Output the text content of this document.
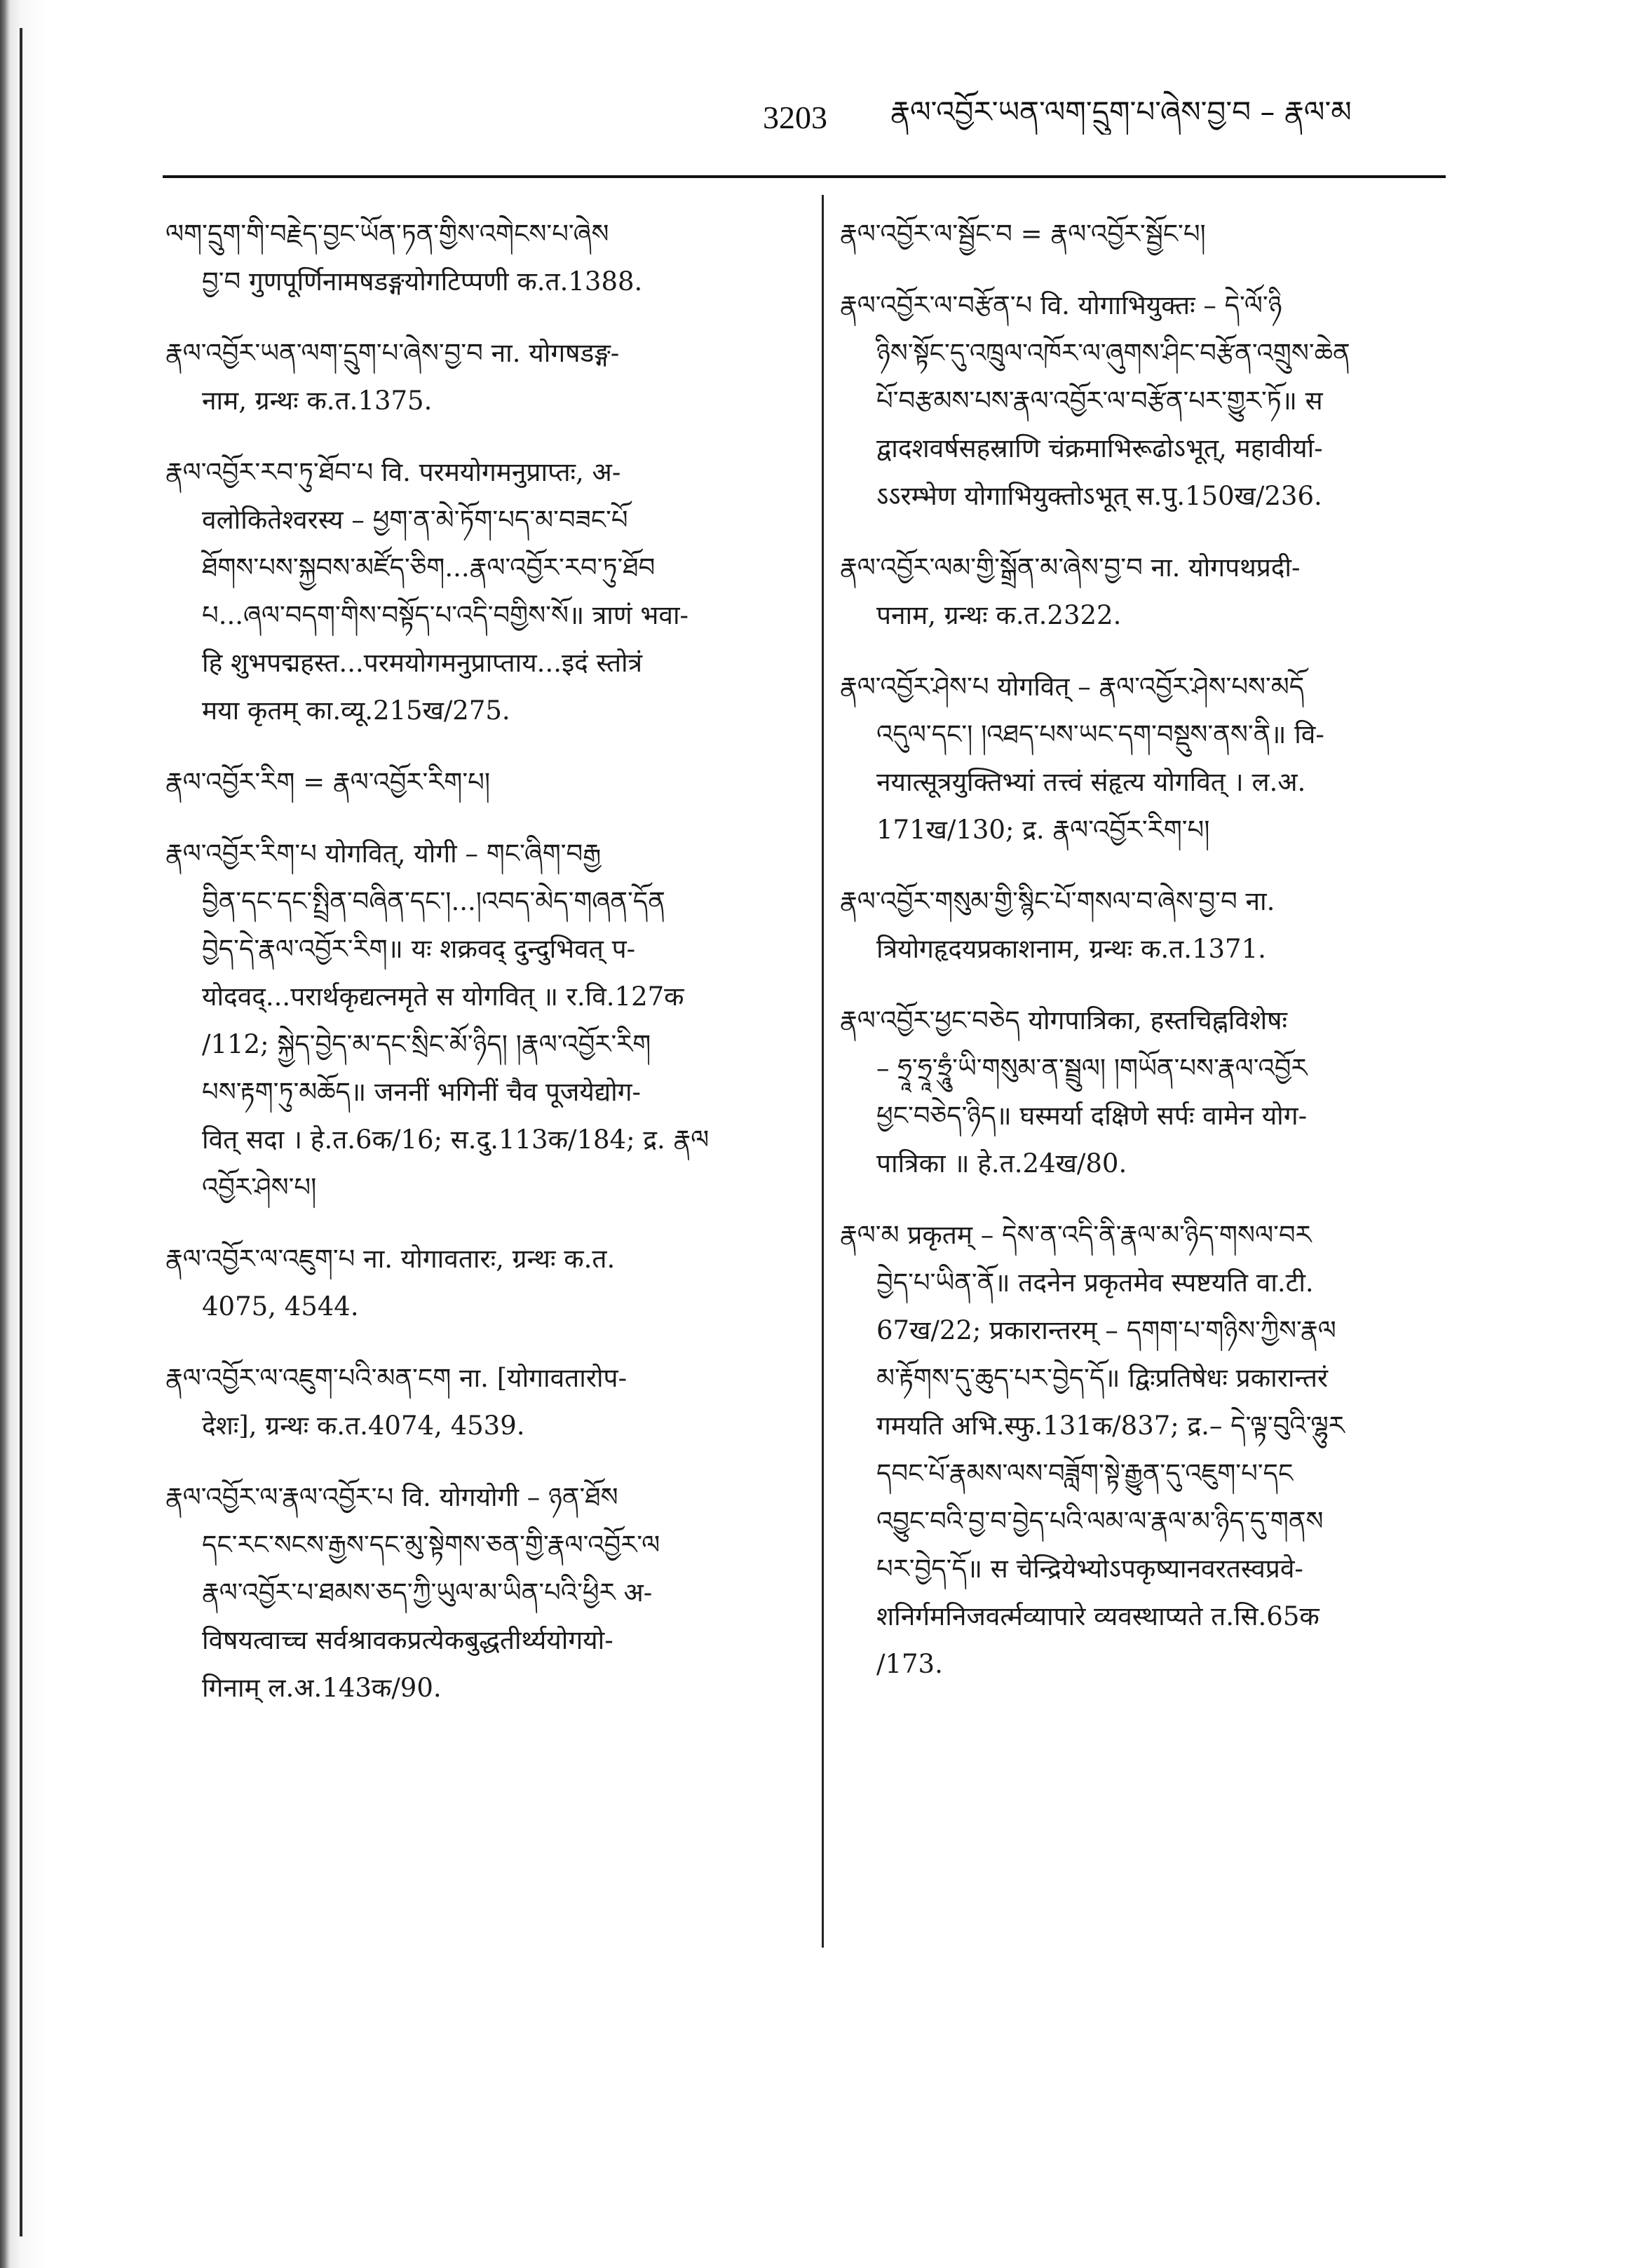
3203 རྣལ་འབྱོར་ཡན་ལག་དྲུག་པ་ཞེས་བྱ་བ – རྣལ་མ
ལག་དྲུག་གི་བརྗེད་བྱང་ཡོན་ཏན་གྱིས་འགེངས་པ་ཞེས
བྱ་བ गुणपूर्णिनामषडङ्गयोगटिप्पणी क.त.1388.
རྣལ་འབྱོར་ཡན་ལག་དྲུག་པ་ཞེས་བྱ་བ ना. योगषडङ्ग-
नाम, ग्रन्थः क.त.1375.
རྣལ་འབྱོར་རབ་ཏུ་ཐོབ་པ वि. परमयोगमनुप्राप्तः, अ-
वलोकितेश्वरस्य – ཕྱག་ན་མེ་ཏོག་པད་མ་བཟང་པོ
ཐོགས་པས་སྐྱབས་མཛོད་ཅིག...རྣལ་འབྱོར་རབ་ཏུ་ཐོབ
པ...ཞལ་བདག་གིས་བསྟོད་པ་འདི་བགྱིས་སོ॥ त्राणं भवा-
हि शुभपद्महस्त...परमयोगमनुप्राप्ताय...इदं स्तोत्रं
मया कृतम् का.व्यू.215ख/275.
རྣལ་འབྱོར་རིག = རྣལ་འབྱོར་རིག་པ།
རྣལ་འབྱོར་རིག་པ योगवित्, योगी – གང་ཞིག་བརྒྱ
བྱིན་དང་དང་སྤྲིན་བཞིན་དང་།...།འབད་མེད་གཞན་དོན
བྱེད་དེ་རྣལ་འབྱོར་རིག॥ यः शक्रवद् दुन्दुभिवत् प-
योदवद्...परार्थकृद्यत्नमृते स योगवित् ॥ र.वि.127क
/112; སྐྱེད་བྱེད་མ་དང་སྲིང་མོ་ཉིད། །རྣལ་འབྱོར་རིག
པས་རྟག་ཏུ་མཆོད॥ जननीं भगिनीं चैव पूजयेद्योग-
वित् सदा । हे.त.6क/16; स.दु.113क/184; द्र. རྣལ
འབྱོར་ཤེས་པ།
རྣལ་འབྱོར་ལ་འཇུག་པ ना. योगावतारः, ग्रन्थः क.त.
4075, 4544.
རྣལ་འབྱོར་ལ་འཇུག་པའི་མན་ངག ना. [योगावतारोप-
देशः], ग्रन्थः क.त.4074, 4539.
རྣལ་འབྱོར་ལ་རྣལ་འབྱོར་པ वि. योगयोगी – ཉན་ཐོས
དང་རང་སངས་རྒྱས་དང་མུ་སྟེགས་ཅན་གྱི་རྣལ་འབྱོར་ལ
རྣལ་འབྱོར་པ་ཐམས་ཅད་ཀྱི་ཡུལ་མ་ཡིན་པའི་ཕྱིར अ-
विषयत्वाच्च सर्वश्रावकप्रत्येकबुद्धतीर्थ्ययोगयो-
गिनाम् ल.अ.143क/90.
རྣལ་འབྱོར་ལ་སྦྱོང་བ = རྣལ་འབྱོར་སྦྱོང་པ།
རྣལ་འབྱོར་ལ་བརྩོན་པ वि. योगाभियुक्तः – དེ་ལོ་ཉི
ཉིས་སྟོང་དུ་འཁྲུལ་འཁོར་ལ་ཞུགས་ཤིང་བརྩོན་འགྲུས་ཆེན
པོ་བརྩམས་པས་རྣལ་འབྱོར་ལ་བརྩོན་པར་གྱུར་ཏོ॥ स
द्वादशवर्षसहस्राणि चंक्रमाभिरूढोऽभूत्, महावीर्या-
ऽऽरम्भेण योगाभियुक्तोऽभूत् स.पु.150ख/236.
རྣལ་འབྱོར་ལམ་གྱི་སྒྲོན་མ་ཞེས་བྱ་བ ना. योगपथप्रदी-
पनाम, ग्रन्थः क.त.2322.
རྣལ་འབྱོར་ཤེས་པ योगवित् – རྣལ་འབྱོར་ཤེས་པས་མདོ
འདུལ་དང་། །འཐད་པས་ཡང་དག་བསྡུས་ནས་ནི॥ वि-
नयात्सूत्रयुक्तिभ्यां तत्त्वं संहृत्य योगवित् । ल.अ.
171ख/130; द्र. རྣལ་འབྱོར་རིག་པ།
རྣལ་འབྱོར་གསུམ་གྱི་སྙིང་པོ་གསལ་བ་ཞེས་བྱ་བ ना.
त्रियोगहृदयप्रकाशनाम, ग्रन्थः क.त.1371.
རྣལ་འབྱོར་ཕྱང་བཅེད योगपात्रिका, हस्तचिह्नविशेषः
– ཧྲཱ་ཧྲཱ་ཧྲཱུཾ་ཡི་གསུམ་ན་སྦྲུལ། །གཡོན་པས་རྣལ་འབྱོར
ཕྱང་བཅེད་ཉིད॥ घस्मर्या दक्षिणे सर्पः वामेन योग-
पात्रिका ॥ हे.त.24ख/80.
རྣལ་མ प्रकृतम् – དེས་ན་འདི་ནི་རྣལ་མ་ཉིད་གསལ་བར
བྱེད་པ་ཡིན་ནོ॥ तदनेन प्रकृतमेव स्पष्टयति वा.टी.
67ख/22; प्रकारान्तरम् – དགག་པ་གཉིས་ཀྱིས་རྣལ
མ་རྟོགས་དུ་ཆུད་པར་བྱེད་དོ॥ द्विःप्रतिषेधः प्रकारान्तरं
गमयति अभि.स्फु.131क/837; द्र.– དེ་ལྟ་བུའི་ལྷུར
དབང་པོ་རྣམས་ལས་བཟློག་སྟེ་རྒྱུན་དུ་འཇུག་པ་དང
འབྱུང་བའི་བྱ་བ་བྱེད་པའི་ལམ་ལ་རྣལ་མ་ཉིད་དུ་གནས
པར་བྱེད་དོ॥ स चेन्द्रियेभ्योऽपकृष्यानवरतस्वप्रवे-
शनिर्गमनिजवर्त्मव्यापारे व्यवस्थाप्यते त.सि.65क
/173.
